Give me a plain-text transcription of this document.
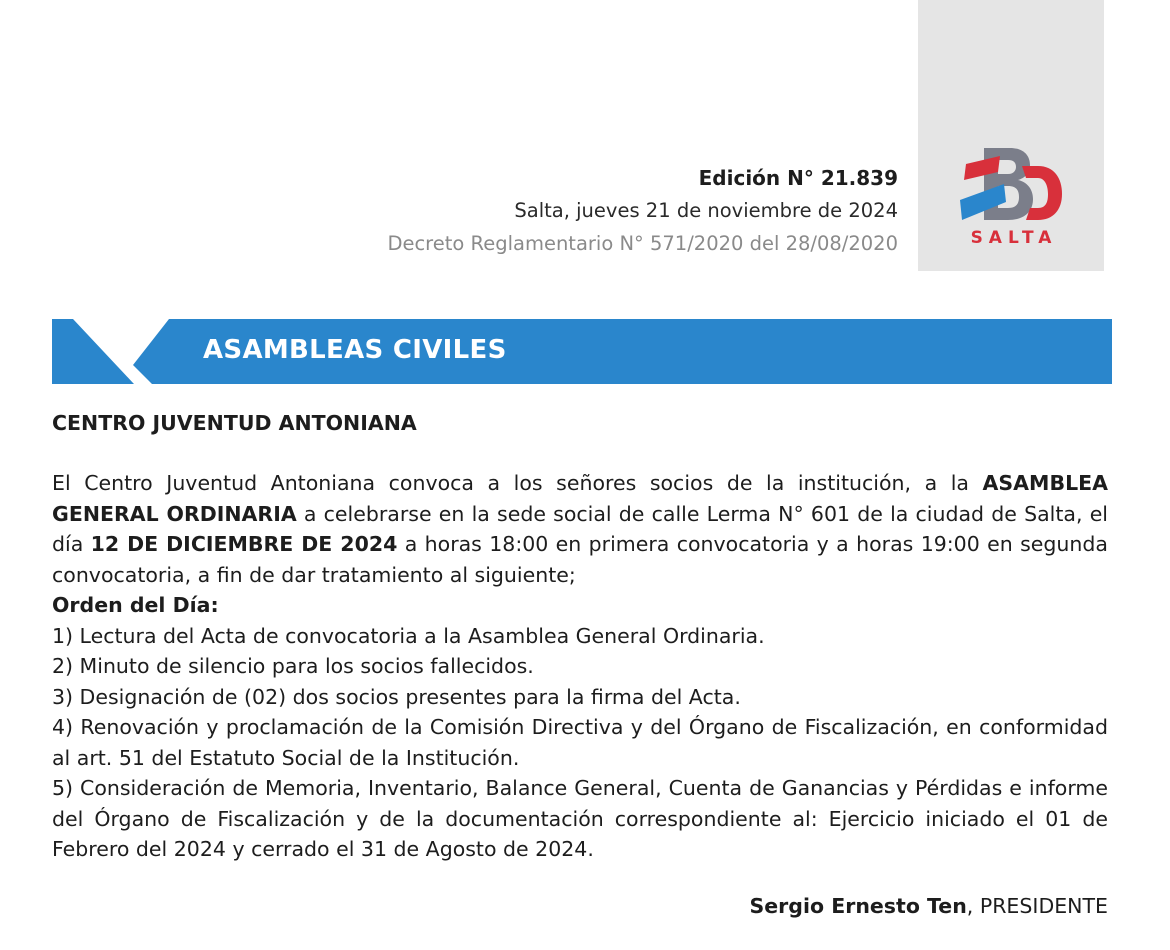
SALTA
Edición N° 21.839
Salta, jueves 21 de noviembre de 2024
Decreto Reglamentario N° 571/2020 del 28/08/2020
ASAMBLEAS CIVILES
CENTRO JUVENTUD ANTONIANA
El Centro Juventud Antoniana convoca a los señores socios de la institución, a la ASAMBLEA GENERAL ORDINARIA a celebrarse en la sede social de calle Lerma N° 601 de la ciudad de Salta, el día 12 DE DICIEMBRE DE 2024 a horas 18:00 en primera convocatoria y a horas 19:00 en segunda convocatoria, a fin de dar tratamiento al siguiente;
Orden del Día:
1) Lectura del Acta de convocatoria a la Asamblea General Ordinaria.
2) Minuto de silencio para los socios fallecidos.
3) Designación de (02) dos socios presentes para la firma del Acta.
4) Renovación y proclamación de la Comisión Directiva y del Órgano de Fiscalización, en conformidad al art. 51 del Estatuto Social de la Institución.
5) Consideración de Memoria, Inventario, Balance General, Cuenta de Ganancias y Pérdidas e informe del Órgano de Fiscalización y de la documentación correspondiente al: Ejercicio iniciado el 01 de Febrero del 2024 y cerrado el 31 de Agosto de 2024.
Sergio Ernesto Ten, PRESIDENTE
